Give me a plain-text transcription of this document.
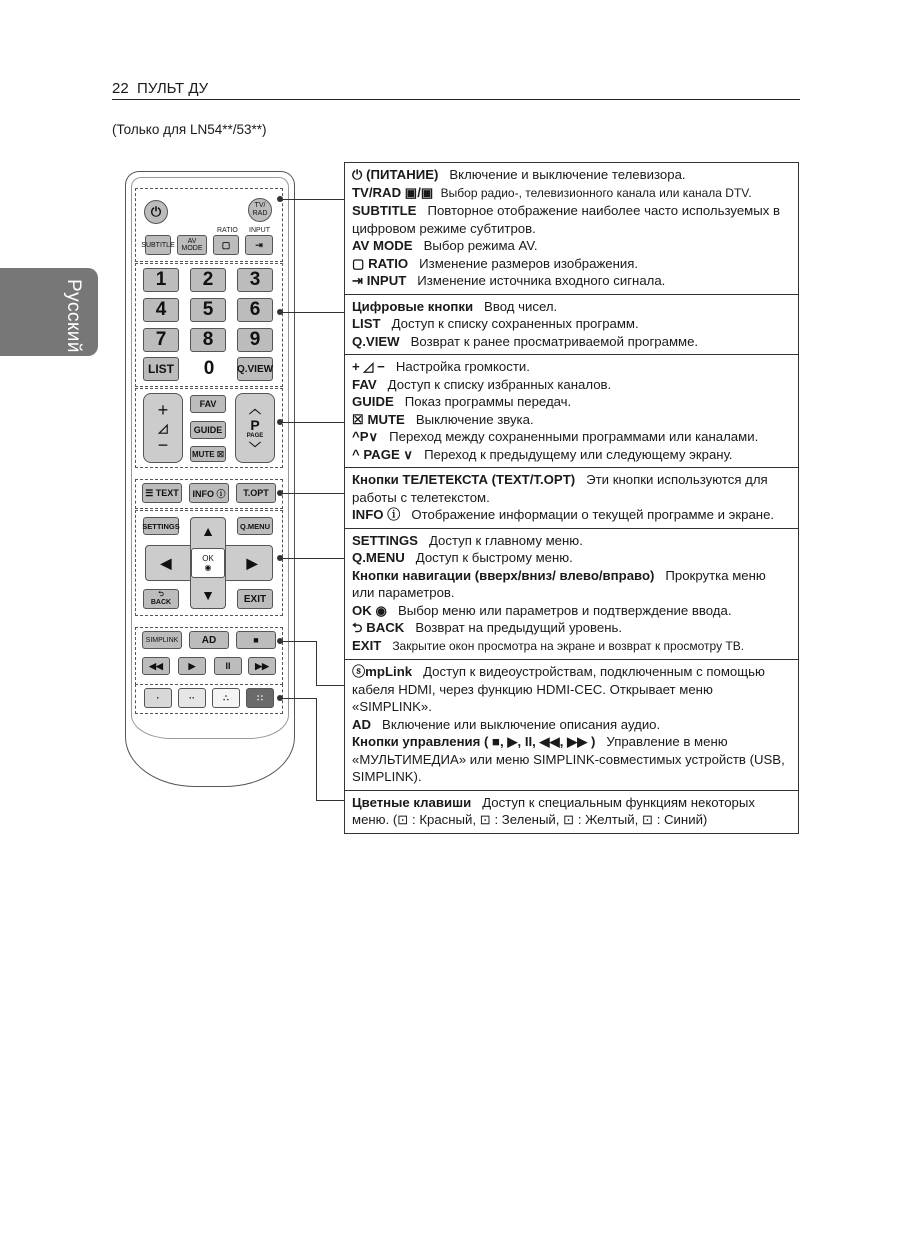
22 ПУЛЬТ ДУ
Русский
(Только для LN54**/53**)
⏻	TV/
RAD
SUBTITLE	AV MODE
RATIO
▢
INPUT
⇥
LIST	0	Q.VIEW
+
◿
−
FAV
GUIDE
MUTE ☒
︿
P
PAGE
﹀
☰ TEXT	INFO ⓘ	T.OPT
SETTINGS	Q.MENU
▲
▼
◀	▶
OK
◉
⮌
BACK	EXIT
SIMPLINK	AD	■
◀◀	▶	II	▶▶
·	··	∴	∷
1	2	3
4	5	6
7	8	9
⏻ (ПИТАНИЕ)   Включение и выключение телевизора.
TV/RAD ▣/▣ Выбор радио-, телевизионного канала или канала DTV.
SUBTITLE   Повторное отображение наиболее часто используемых в цифровом режиме субтитров.
AV MODE   Выбор режима AV.
▢ RATIO   Изменение размеров изображения.
⇥ INPUT   Изменение источника входного сигнала.
Цифровые кнопки   Ввод чисел.
LIST   Доступ к списку сохраненных программ.
Q.VIEW   Возврат к ранее просматриваемой программе.
+ ◿ −   Настройка громкости.
FAV   Доступ к списку избранных каналов.
GUIDE   Показ программы передач.
☒ MUTE   Выключение звука.
^P∨   Переход между сохраненными программами или каналами.
^ PAGE ∨   Переход к предыдущему или следующему экрану.
Кнопки ТЕЛЕТЕКСТА (TEXT/T.OPT)   Эти кнопки используются для работы с телетекстом.
INFO ⓘ   Отображение информации о текущей программе и экране.
SETTINGS   Доступ к главному меню.
Q.MENU   Доступ к быстрому меню.
Кнопки навигации (вверх/вниз/ влево/вправо)   Прокрутка меню или параметров.
OK ◉   Выбор меню или параметров и подтверждение ввода.
⮌ BACK   Возврат на предыдущий уровень.
EXIT Закрытие окон просмотра на экране и возврат к просмотру ТВ.
ⓢmpLink   Доступ к видеоустройствам, подключенным с помощью кабеля HDMI, через функцию HDMI-CEC. Открывает меню «SIMPLINK».
AD   Включение или выключение описания аудио.
Кнопки управления ( ■, ▶, II, ◀◀, ▶▶ )   Управление в меню «МУЛЬТИМЕДИА» или меню SIMPLINK-совместимых устройств (USB, SIMPLINK).
Цветные клавиши   Доступ к специальным функциям некоторых меню. (⊡ : Красный, ⊡ : Зеленый, ⊡ : Желтый, ⊡ : Синий)
